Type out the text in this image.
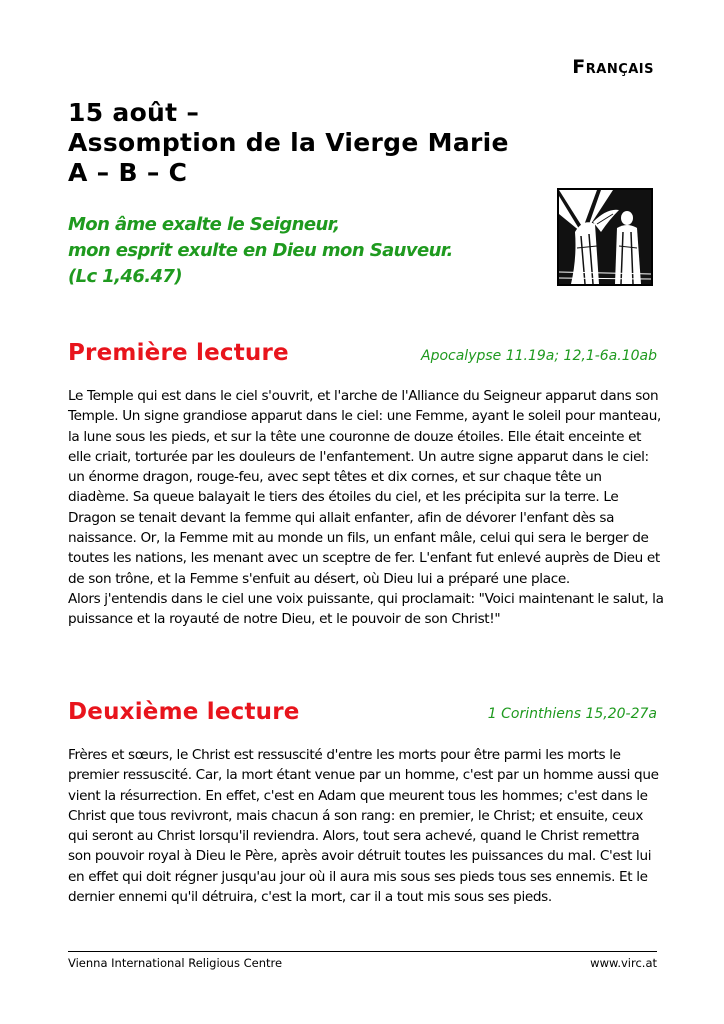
Français
15 août –
Assomption de la Vierge Marie
A – B – C
Mon âme exalte le Seigneur,
mon esprit exulte en Dieu mon Sauveur.
(Lc 1,46.47)
Première lecture	Apocalypse 11.19a; 12,1-6a.10ab

Le Temple qui est dans le ciel s'ouvrit, et l'arche de l'Alliance du Seigneur apparut dans son Temple. Un signe grandiose apparut dans le ciel: une Femme, ayant le soleil pour manteau, la lune sous les pieds, et sur la tête une couronne de douze étoiles. Elle était enceinte et elle criait, torturée par les douleurs de l'enfantement. Un autre signe apparut dans le ciel: un énorme dragon, rouge-feu, avec sept têtes et dix cornes, et sur chaque tête un diadème. Sa queue balayait le tiers des étoiles du ciel, et les précipita sur la terre. Le Dragon se tenait devant la femme qui allait enfanter, afin de dévorer l'enfant dès sa naissance. Or, la Femme mit au monde un fils, un enfant mâle, celui qui sera le berger de toutes les nations, les menant avec un sceptre de fer. L'enfant fut enlevé auprès de Dieu et de son trône, et la Femme s'enfuit au désert, où Dieu lui a préparé une place.

Alors j'entendis dans le ciel une voix puissante, qui proclamait: "Voici maintenant le salut, la puissance et la royauté de notre Dieu, et le pouvoir de son Christ!"

Deuxième lecture	1 Corinthiens 15,20-27a

Frères et sœurs, le Christ est ressuscité d'entre les morts pour être parmi les morts le premier ressuscité. Car, la mort étant venue par un homme, c'est par un homme aussi que vient la résurrection. En effet, c'est en Adam que meurent tous les hommes; c'est dans le Christ que tous revivront, mais chacun á son rang: en premier, le Christ; et ensuite, ceux qui seront au Christ lorsqu'il reviendra. Alors, tout sera achevé, quand le Christ remettra son pouvoir royal à Dieu le Père, après avoir détruit toutes les puissances du mal. C'est lui en effet qui doit régner jusqu'au jour où il aura mis sous ses pieds tous ses ennemis. Et le dernier ennemi qu'il détruira, c'est la mort, car il a tout mis sous ses pieds.

Vienna International Religious Centre	www.virc.at
